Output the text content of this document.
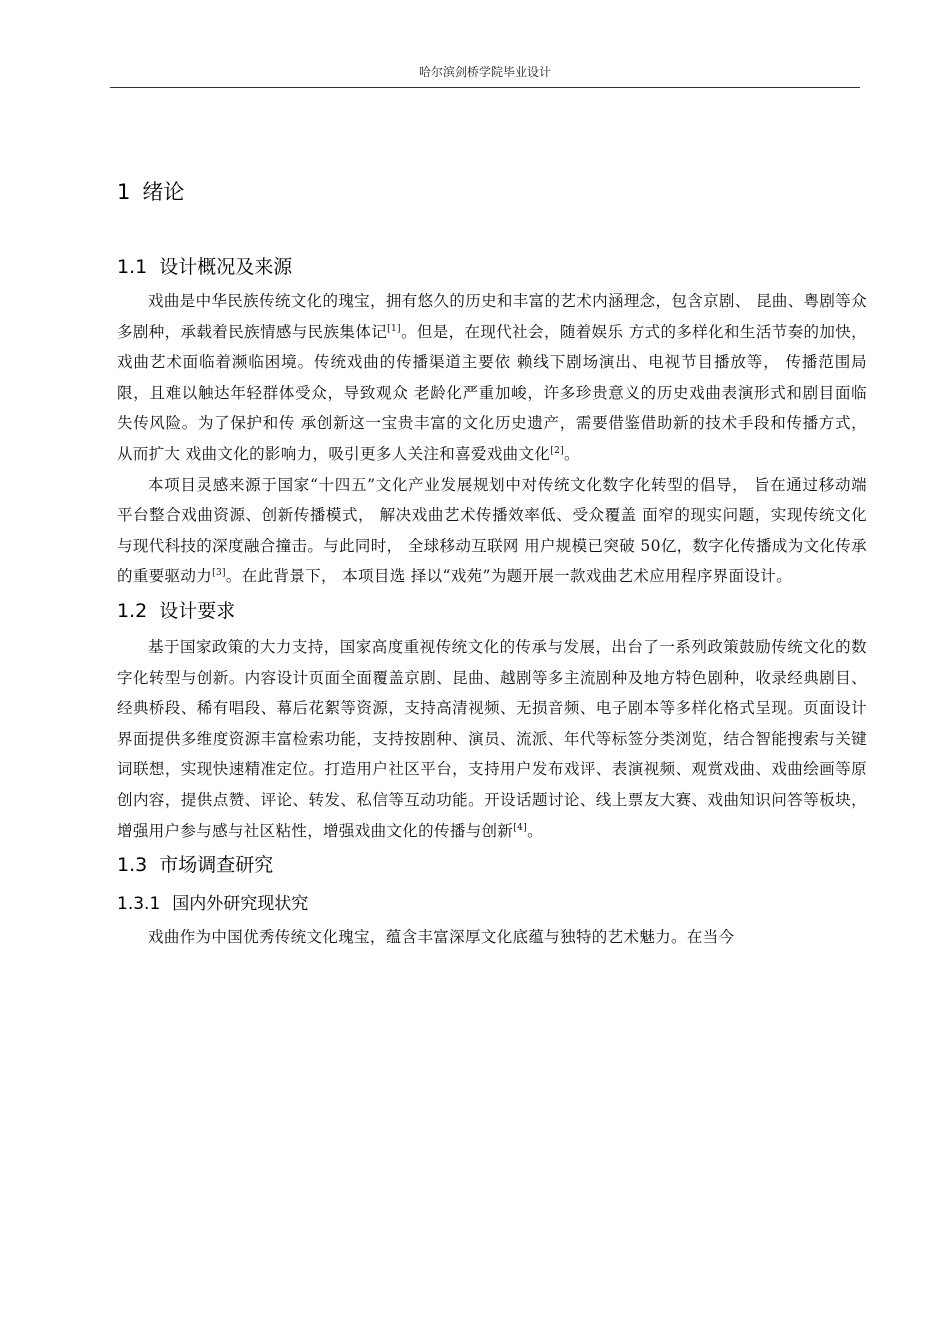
哈尔滨剑桥学院毕业设计
1 绪论
1.1 设计概况及来源

戏曲是中华民族传统文化的瑰宝，拥有悠久的历史和丰富的艺术内涵理念，包含京剧、 昆曲、粤剧等众多剧种，承载着民族情感与民族集体记[1]。但是，在现代社会，随着娱乐 方式的多样化和生活节奏的加快，戏曲艺术面临着濒临困境。传统戏曲的传播渠道主要依 赖线下剧场演出、电视节目播放等， 传播范围局限，且难以触达年轻群体受众，导致观众 老龄化严重加峻，许多珍贵意义的历史戏曲表演形式和剧目面临失传风险。为了保护和传 承创新这一宝贵丰富的文化历史遗产，需要借鉴借助新的技术手段和传播方式，从而扩大 戏曲文化的影响力，吸引更多人关注和喜爱戏曲文化[2]。

本项目灵感来源于国家“十四五”文化产业发展规划中对传统文化数字化转型的倡导， 旨在通过移动端平台整合戏曲资源、创新传播模式， 解决戏曲艺术传播效率低、受众覆盖 面窄的现实问题，实现传统文化与现代科技的深度融合撞击。与此同时， 全球移动互联网 用户规模已突破 50亿，数字化传播成为文化传承的重要驱动力[3]。在此背景下， 本项目选 择以“戏苑”为题开展一款戏曲艺术应用程序界面设计。

1.2 设计要求

基于国家政策的大力支持，国家高度重视传统文化的传承与发展，出台了一系列政策鼓励传统文化的数字化转型与创新。内容设计页面全面覆盖京剧、昆曲、越剧等多主流剧种及地方特色剧种，收录经典剧目、经典桥段、稀有唱段、幕后花絮等资源，支持高清视频、无损音频、电子剧本等多样化格式呈现。页面设计界面提供多维度资源丰富检索功能，支持按剧种、演员、流派、年代等标签分类浏览，结合智能搜索与关键词联想，实现快速精准定位。打造用户社区平台，支持用户发布戏评、表演视频、观赏戏曲、戏曲绘画等原创内容，提供点赞、评论、转发、私信等互动功能。开设话题讨论、线上票友大赛、戏曲知识问答等板块，增强用户参与感与社区粘性，增强戏曲文化的传播与创新[4]。

1.3 市场调查研究
1.3.1 国内外研究现状究

戏曲作为中国优秀传统文化瑰宝，蕴含丰富深厚文化底蕴与独特的艺术魅力。在当今
